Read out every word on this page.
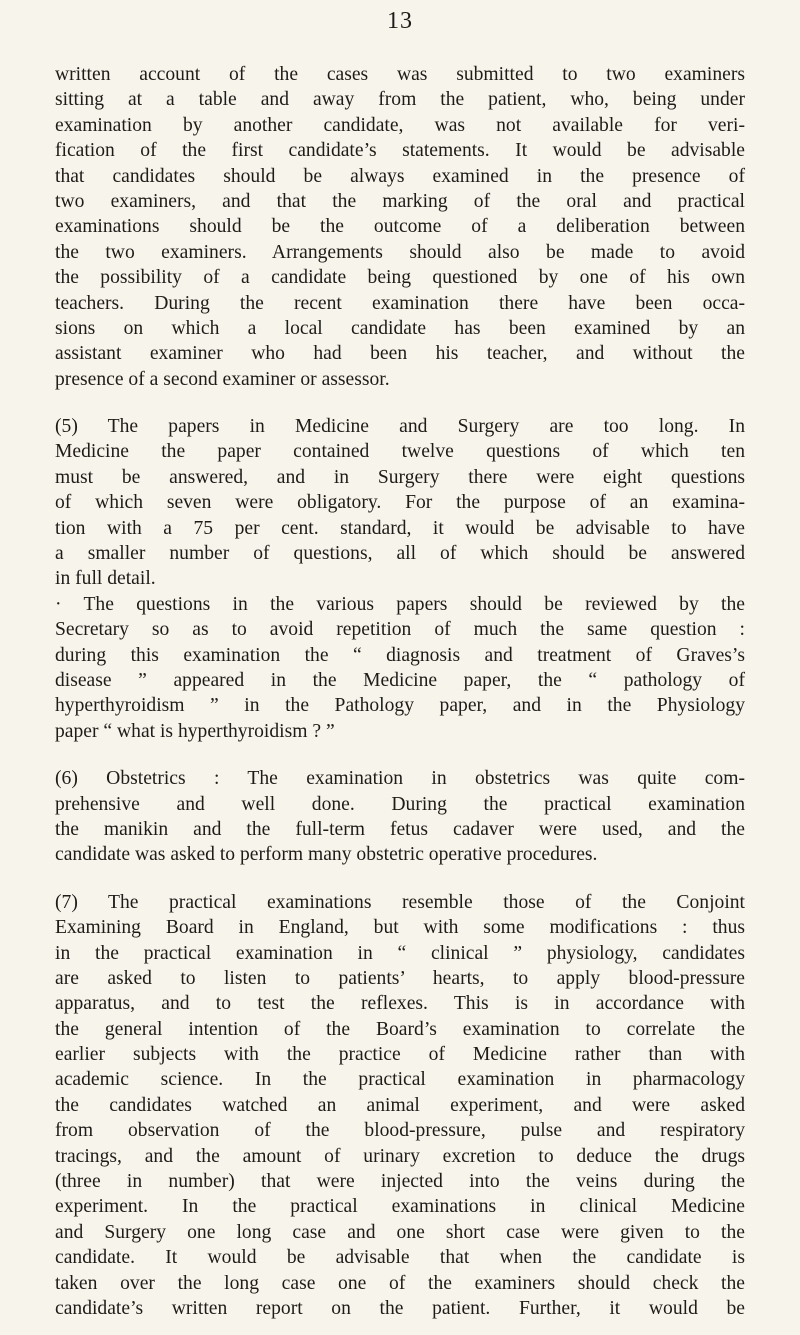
13
written account of the cases was submitted to two examiners
sitting at a table and away from the patient, who, being under
examination by another candidate, was not available for veri-
fication of the first candidate’s statements. It would be advisable
that candidates should be always examined in the presence of
two examiners, and that the marking of the oral and practical
examinations should be the outcome of a deliberation between
the two examiners. Arrangements should also be made to avoid
the possibility of a candidate being questioned by one of his own
teachers. During the recent examination there have been occa-
sions on which a local candidate has been examined by an
assistant examiner who had been his teacher, and without the
presence of a second examiner or assessor.
(5) The papers in Medicine and Surgery are too long. In
Medicine the paper contained twelve questions of which ten
must be answered, and in Surgery there were eight questions
of which seven were obligatory. For the purpose of an examina-
tion with a 75 per cent. standard, it would be advisable to have
a smaller number of questions, all of which should be answered
in full detail.
· The questions in the various papers should be reviewed by the
Secretary so as to avoid repetition of much the same question :
during this examination the “ diagnosis and treatment of Graves’s
disease ” appeared in the Medicine paper, the “ pathology of
hyperthyroidism ” in the Pathology paper, and in the Physiology
paper “ what is hyperthyroidism ? ”
(6) Obstetrics : The examination in obstetrics was quite com-
prehensive and well done. During the practical examination
the manikin and the full-term fetus cadaver were used, and the
candidate was asked to perform many obstetric operative procedures.
(7) The practical examinations resemble those of the Conjoint
Examining Board in England, but with some modifications : thus
in the practical examination in “ clinical ” physiology, candidates
are asked to listen to patients’ hearts, to apply blood-pressure
apparatus, and to test the reflexes. This is in accordance with
the general intention of the Board’s examination to correlate the
earlier subjects with the practice of Medicine rather than with
academic science. In the practical examination in pharmacology
the candidates watched an animal experiment, and were asked
from observation of the blood-pressure, pulse and respiratory
tracings, and the amount of urinary excretion to deduce the drugs
(three in number) that were injected into the veins during the
experiment. In the practical examinations in clinical Medicine
and Surgery one long case and one short case were given to the
candidate. It would be advisable that when the candidate is
taken over the long case one of the examiners should check the
candidate’s written report on the patient. Further, it would be
